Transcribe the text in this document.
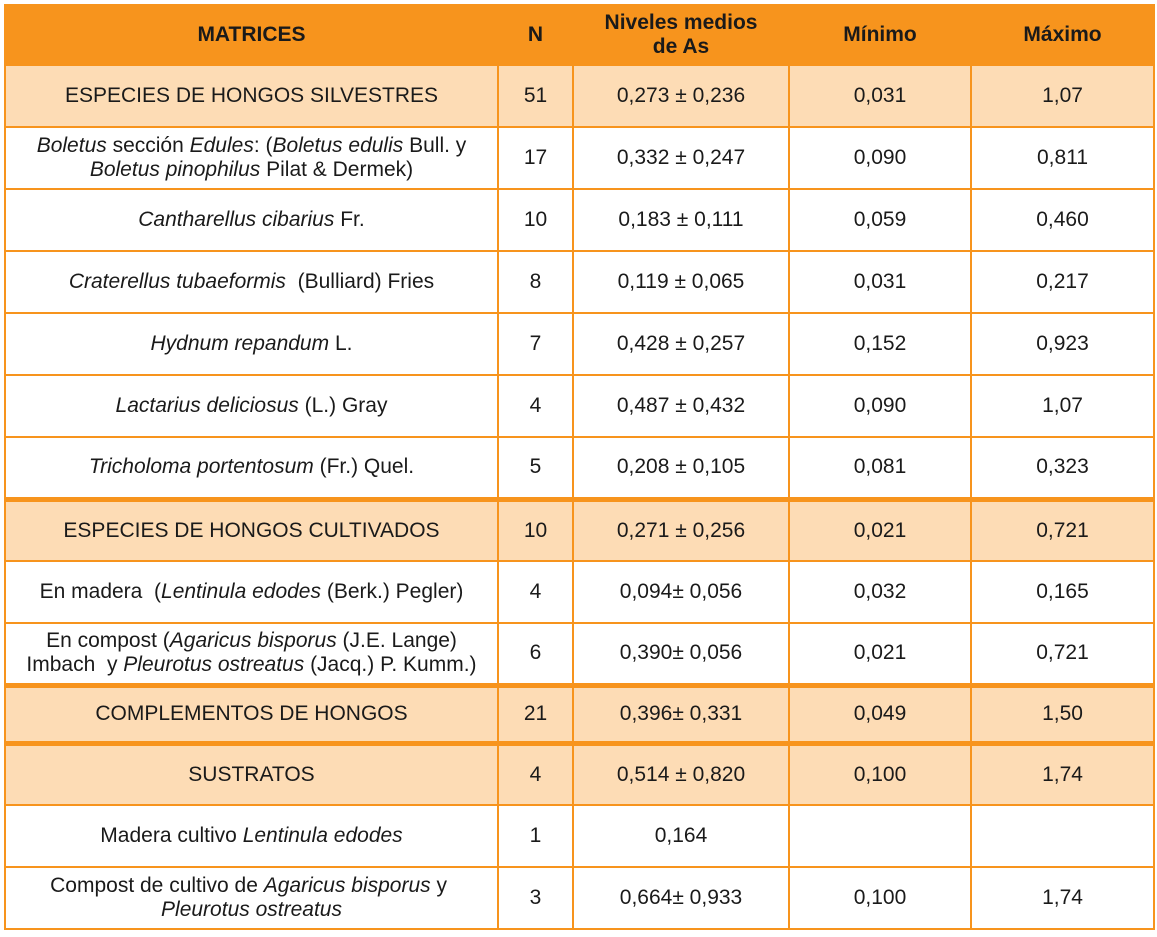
MATRICES	N	Niveles medios de As	Mínimo	Máximo
ESPECIES DE HONGOS SILVESTRES	51	0,273 ± 0,236	0,031	1,07
Boletus sección Edules: (Boletus edulis Bull. y
Boletus pinophilus Pilat & Dermek)	17	0,332 ± 0,247	0,090	0,811
Cantharellus cibarius Fr.	10	0,183 ± 0,111	0,059	0,460
Craterellus tubaeformis  (Bulliard) Fries	8	0,119 ± 0,065	0,031	0,217
Hydnum repandum L.	7	0,428 ± 0,257	0,152	0,923
Lactarius deliciosus (L.) Gray	4	0,487 ± 0,432	0,090	1,07
Tricholoma portentosum (Fr.) Quel.	5	0,208 ± 0,105	0,081	0,323
ESPECIES DE HONGOS CULTIVADOS	10	0,271 ± 0,256	0,021	0,721
En madera  (Lentinula edodes (Berk.) Pegler)	4	0,094± 0,056	0,032	0,165
En compost (Agaricus bisporus (J.E. Lange) Imbach  y Pleurotus ostreatus (Jacq.) P. Kumm.)	6	0,390± 0,056	0,021	0,721
COMPLEMENTOS DE HONGOS	21	0,396± 0,331	0,049	1,50
SUSTRATOS	4	0,514 ± 0,820	0,100	1,74
Madera cultivo Lentinula edodes	1	0,164		
Compost de cultivo de Agaricus bisporus y
Pleurotus ostreatus	3	0,664± 0,933	0,100	1,74
